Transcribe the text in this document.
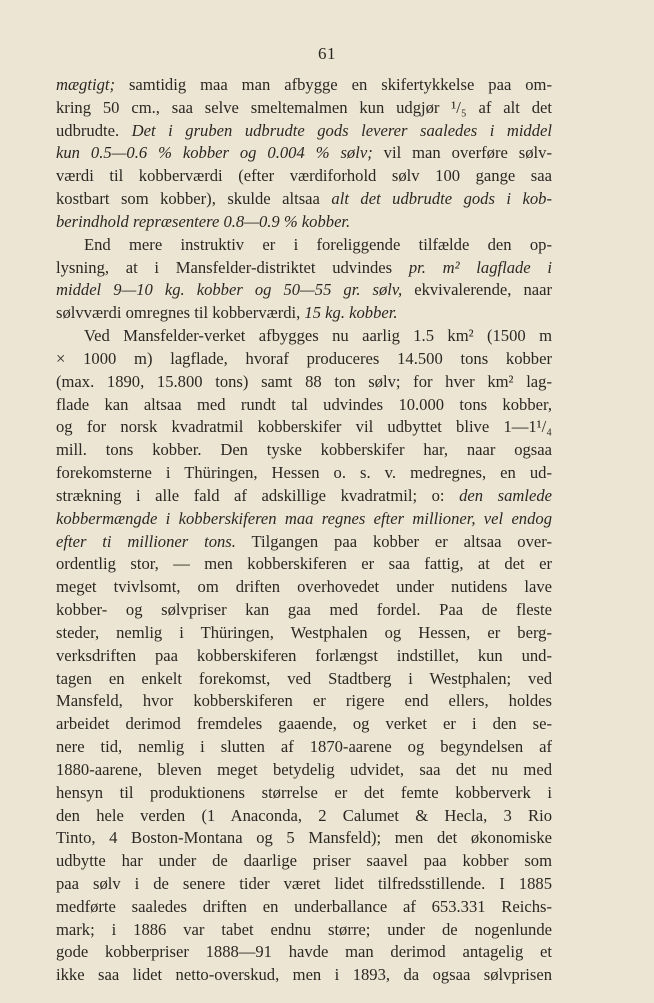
61
mægtigt; samtidig maa man afbygge en skifertykkelse paa om-
kring 50 cm., saa selve smeltemalmen kun udgjør ¹/₅ af alt det
udbrudte. Det i gruben udbrudte gods leverer saaledes i middel
kun 0.5—0.6 % kobber og 0.004 % sølv; vil man overføre sølv-
værdi til kobberværdi (efter værdiforhold sølv 100 gange saa
kostbart som kobber), skulde altsaa alt det udbrudte gods i kob-
berindhold repræsentere 0.8—0.9 % kobber.
End mere instruktiv er i foreliggende tilfælde den op-
lysning, at i Mansfelder-distriktet udvindes pr. m² lagflade i
middel 9—10 kg. kobber og 50—55 gr. sølv, ekvivalerende, naar
sølvværdi omregnes til kobberværdi, 15 kg. kobber.
Ved Mansfelder-verket afbygges nu aarlig 1.5 km² (1500 m
× 1000 m) lagflade, hvoraf produceres 14.500 tons kobber
(max. 1890, 15.800 tons) samt 88 ton sølv; for hver km² lag-
flade kan altsaa med rundt tal udvindes 10.000 tons kobber,
og for norsk kvadratmil kobberskifer vil udbyttet blive 1—1¹/₄
mill. tons kobber. Den tyske kobberskifer har, naar ogsaa
forekomsterne i Thüringen, Hessen o. s. v. medregnes, en ud-
strækning i alle fald af adskillige kvadratmil; o: den samlede
kobbermængde i kobberskiferen maa regnes efter millioner, vel endog
efter ti millioner tons. Tilgangen paa kobber er altsaa over-
ordentlig stor, — men kobberskiferen er saa fattig, at det er
meget tvivlsomt, om driften overhovedet under nutidens lave
kobber- og sølvpriser kan gaa med fordel. Paa de fleste
steder, nemlig i Thüringen, Westphalen og Hessen, er berg-
verksdriften paa kobberskiferen forlængst indstillet, kun und-
tagen en enkelt forekomst, ved Stadtberg i Westphalen; ved
Mansfeld, hvor kobberskiferen er rigere end ellers, holdes
arbeidet derimod fremdeles gaaende, og verket er i den se-
nere tid, nemlig i slutten af 1870-aarene og begyndelsen af
1880-aarene, bleven meget betydelig udvidet, saa det nu med
hensyn til produktionens størrelse er det femte kobberverk i
den hele verden (1 Anaconda, 2 Calumet & Hecla, 3 Rio
Tinto, 4 Boston-Montana og 5 Mansfeld); men det økonomiske
udbytte har under de daarlige priser saavel paa kobber som
paa sølv i de senere tider været lidet tilfredsstillende. I 1885
medførte saaledes driften en underballance af 653.331 Reichs-
mark; i 1886 var tabet endnu større; under de nogenlunde
gode kobberpriser 1888—91 havde man derimod antagelig et
ikke saa lidet netto-overskud, men i 1893, da ogsaa sølvprisen
